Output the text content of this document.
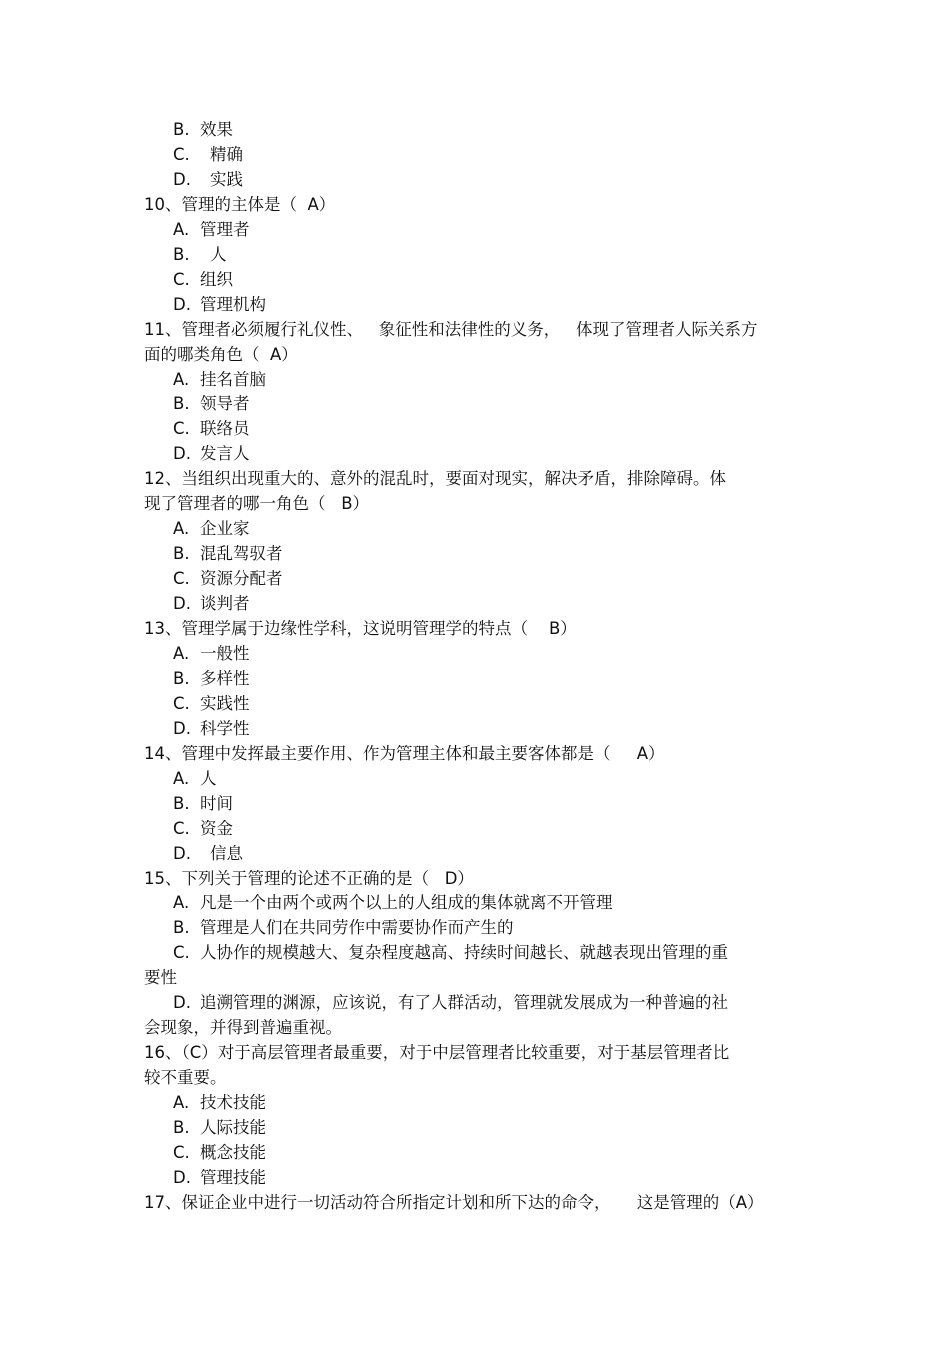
B. 效果
C. 精确
D. 实践
10、管理的主体是（  A）
A. 管理者
B. 人
C. 组织
D. 管理机构
11、管理者必须履行礼仪性、   象征性和法律性的义务，   体现了管理者人际关系方
面的哪类角色（  A）
A. 挂名首脑
B. 领导者
C. 联络员
D. 发言人
12、当组织出现重大的、意外的混乱时，要面对现实，解决矛盾，排除障碍。体
现了管理者的哪一角色（   B）
A. 企业家
B. 混乱驾驭者
C. 资源分配者
D. 谈判者
13、管理学属于边缘性学科，这说明管理学的特点（    B）
A. 一般性
B. 多样性
C. 实践性
D. 科学性
14、管理中发挥最主要作用、作为管理主体和最主要客体都是（     A）
A. 人
B. 时间
C. 资金
D. 信息
15、下列关于管理的论述不正确的是（   D）
A. 凡是一个由两个或两个以上的人组成的集体就离不开管理
B. 管理是人们在共同劳作中需要协作而产生的
C. 人协作的规模越大、复杂程度越高、持续时间越长、就越表现出管理的重
要性
D. 追溯管理的渊源，应该说，有了人群活动，管理就发展成为一种普遍的社
会现象，并得到普遍重视。
16、（C）对于高层管理者最重要，对于中层管理者比较重要，对于基层管理者比
较不重要。
A. 技术技能
B. 人际技能
C. 概念技能
D. 管理技能
17、保证企业中进行一切活动符合所指定计划和所下达的命令，     这是管理的（A）
